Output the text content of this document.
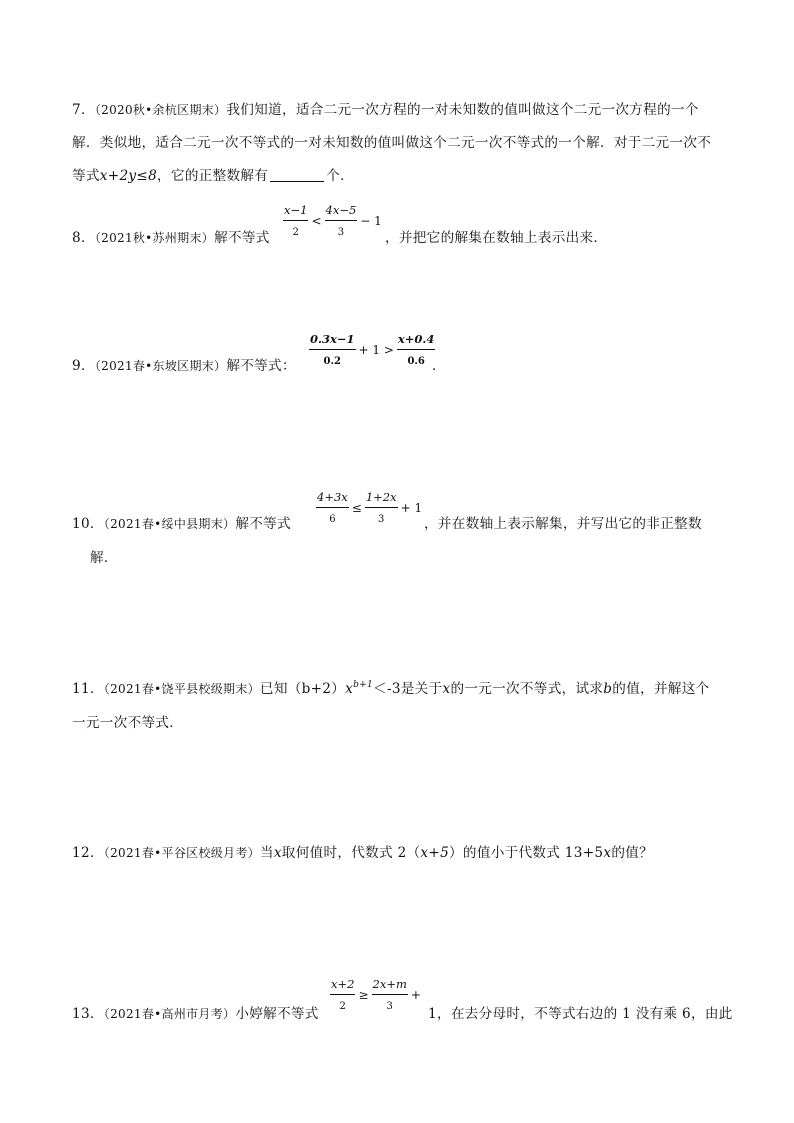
7．（2020秋•余杭区期末）我们知道，适合二元一次方程的一对未知数的值叫做这个二元一次方程的一个
解．类似地，适合二元一次不等式的一对未知数的值叫做这个二元一次不等式的一个解．对于二元一次不
等式x+2y≤8，它的正整数解有	个．
8．（2021秋•苏州期末）解不等式
$\frac{x-1}{2} < \frac{4x-5}{3} - 1$
，并把它的解集在数轴上表示出来．
9．（2021春•东坡区期末）解不等式： $\frac{0.3x-1}{0.2} + 1 > \frac{x+0.4}{0.6}$
．
10．（2021春•绥中县期末）解不等式 $\frac{4+3x}{6} \le \frac{1+2x}{3} + 1$
，并在数轴上表示解集，并写出它的非正整数
解．
11．（2021春•饶平县校级期末）已知$(b+2)x^{b+1}<-3$是关于x的一元一次不等式，试求b的值，并解这个
一元一次不等式．
12．（2021春•平谷区校级月考）当x取何值时，代数式 2（x+5）的值小于代数式 13+5x的值？
13．（2021春•高州市月考）小婷解不等式
$\frac{x+2}{2} \ge \frac{2x+m}{3}$ +
1，在去分母时，不等式右边的 1 没有乘 6，由此
